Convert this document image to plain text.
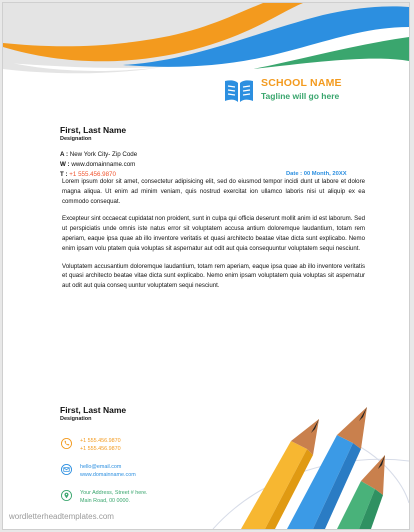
SCHOOL NAME
Tagline will go here

First, Last Name

Designation

A : New York City- Zip Code
W : www.domainname.com
T : +1 555.456.9870	Date : 00 Month, 20XX

Lorem ipsum dolor sit amet, consectetur adipisicing elit, sed do eiusmod tempor incidi dunt ut labore et dolore magna aliqua. Ut enim ad minim veniam, quis nostrud exercitat ion ullamco laboris nisi ut aliquip ex ea commodo consequat.

Excepteur sint occaecat cupidatat non proident, sunt in culpa qui officia deserunt mollit anim id est laborum. Sed ut perspiciatis unde omnis iste natus error sit voluptatem accusa antium doloremque laudantium, totam rem aperiam, eaque ipsa quae ab illo inventore veritatis et quasi architecto beatae vitae dicta sunt explicabo. Nemo enim ipsam volu ptatem quia voluptas sit aspernatur aut odit aut quia consequuntur voluptatem sequi nesciunt.

Voluptatem accusantium doloremque laudantium, totam rem aperiam, eaque ipsa quae ab illo inventore veritatis et quasi architecto beatae vitae dicta sunt explicabo. Nemo enim ipsam voluptatem quia voluptas sit aspernatur aut odit aut quia conseq uuntur voluptatem sequi nesciunt.

First, Last Name

Designation

+1 555.456.9870
+1 555.456.9870
hello@email.com
www.domainname.com
Your Address, Street # here.
Main Road, 00 0000.
wordletterheadtemplates.com
